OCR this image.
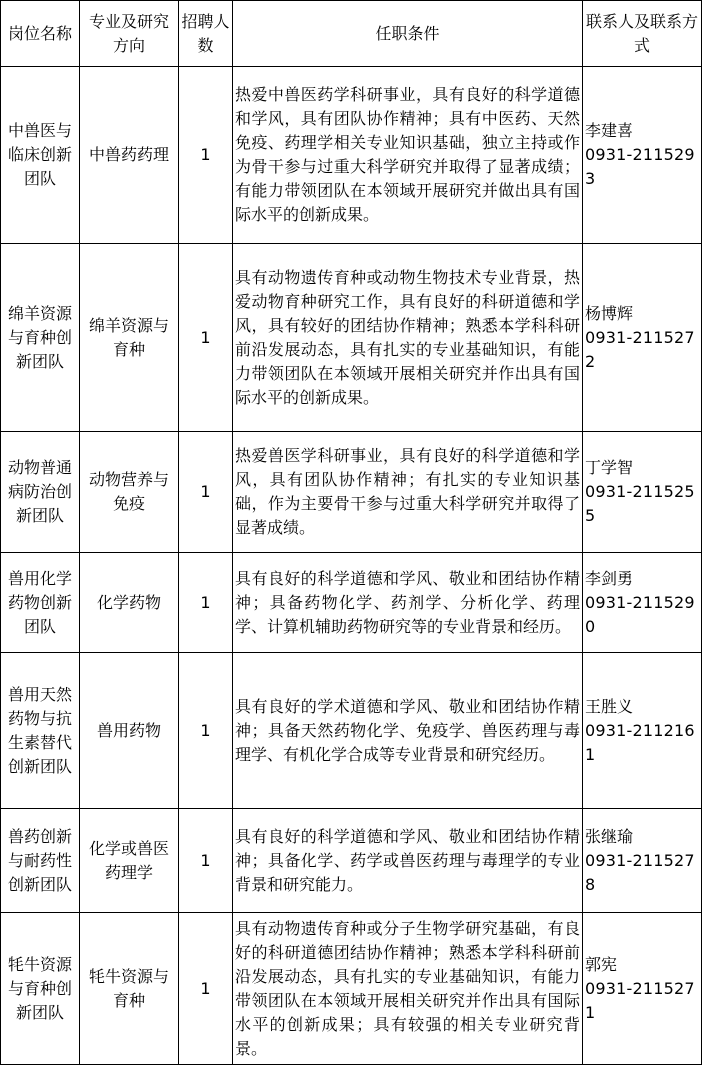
岗位名称	专业及研究方向	招聘人数	任职条件	联系人及联系方式
中兽医与临床创新团队	中兽药药理	1	热爱中兽医药学科研事业，具有良好的科学道德和学风，具有团队协作精神；具有中医药、天然免疫、药理学相关专业知识基础，独立主持或作为骨干参与过重大科学研究并取得了显著成绩；有能力带领团队在本领域开展研究并做出具有国际水平的创新成果。	李建喜
0931-2115293

绵羊资源与育种创新团队	绵羊资源与育种	1	具有动物遗传育种或动物生物技术专业背景，热爱动物育种研究工作，具有良好的科研道德和学风，具有较好的团结协作精神；熟悉本学科科研前沿发展动态，具有扎实的专业基础知识，有能力带领团队在本领域开展相关研究并作出具有国际水平的创新成果。	杨博辉
0931-2115272

动物普通病防治创新团队	动物营养与免疫	1	热爱兽医学科研事业，具有良好的科学道德和学风，具有团队协作精神；有扎实的专业知识基础，作为主要骨干参与过重大科学研究并取得了显著成绩。	丁学智
0931-2115255

兽用化学药物创新团队	化学药物	1	具有良好的科学道德和学风、敬业和团结协作精神；具备药物化学、药剂学、分析化学、药理学、计算机辅助药物研究等的专业背景和经历。	李剑勇
0931-2115290

兽用天然药物与抗生素替代创新团队	兽用药物	1	具有良好的学术道德和学风、敬业和团结协作精神；具备天然药物化学、免疫学、兽医药理与毒理学、有机化学合成等专业背景和研究经历。	王胜义
0931-2112161

兽药创新与耐药性创新团队	化学或兽医药理学	1	具有良好的科学道德和学风、敬业和团结协作精神；具备化学、药学或兽医药理与毒理学的专业背景和研究能力。	张继瑜
0931-2115278

牦牛资源与育种创新团队	牦牛资源与育种	1	具有动物遗传育种或分子生物学研究基础，有良好的科研道德团结协作精神；熟悉本学科科研前沿发展动态，具有扎实的专业基础知识，有能力带领团队在本领域开展相关研究并作出具有国际水平的创新成果；具有较强的相关专业研究背景。	郭宪
0931-2115271
